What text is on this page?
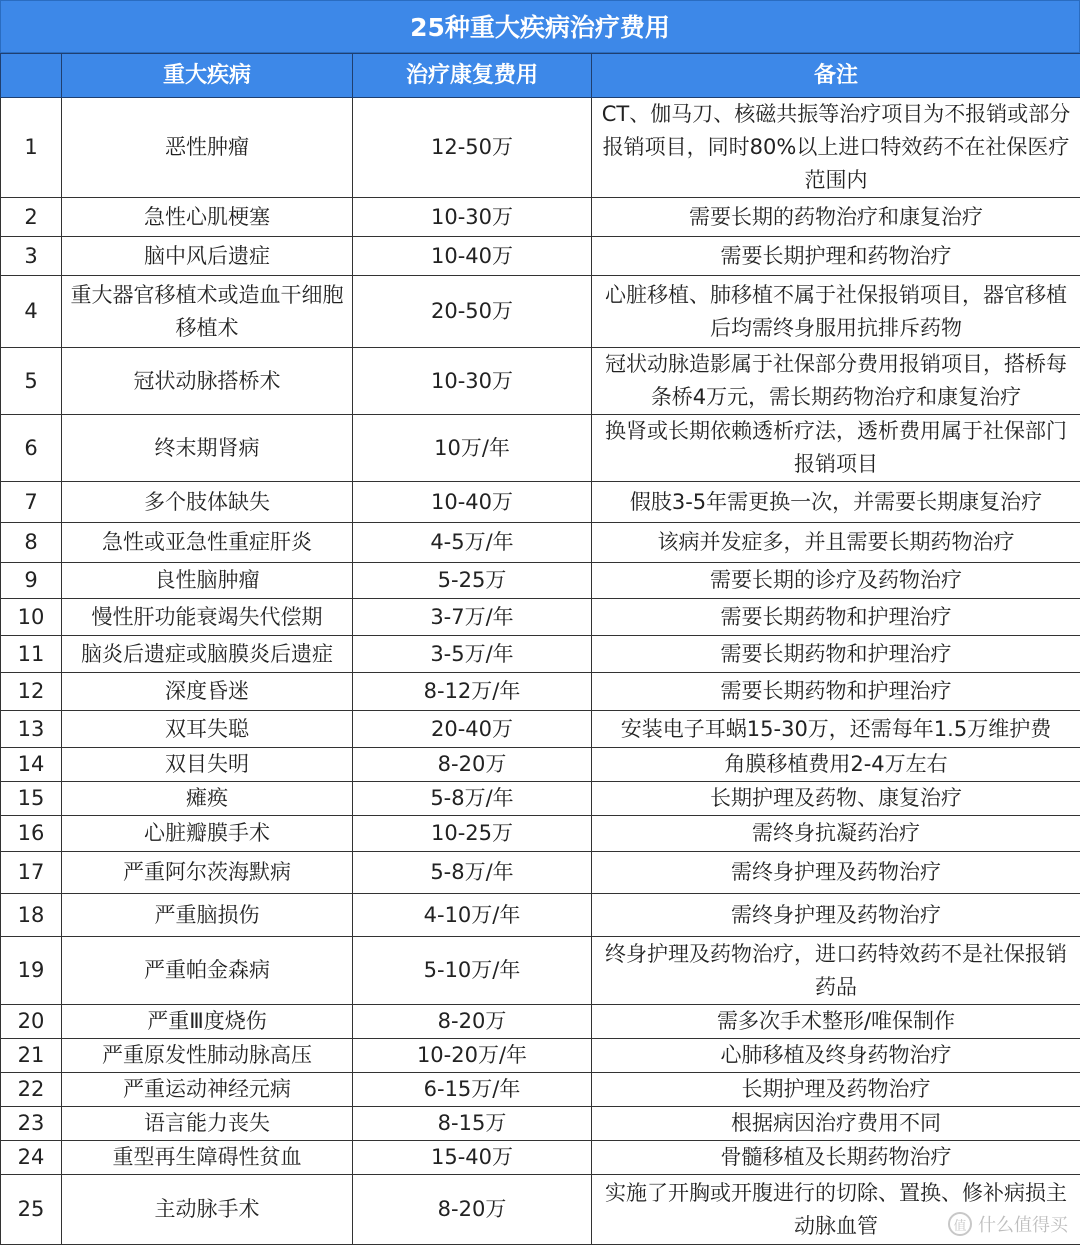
25种重大疾病治疗费用
	重大疾病	治疗康复费用	备注
1	恶性肿瘤	12-50万	CT、伽马刀、核磁共振等治疗项目为不报销或部分报销项目，同时80%以上进口特效药不在社保医疗范围内
2	急性心肌梗塞	10-30万	需要长期的药物治疗和康复治疗
3	脑中风后遗症	10-40万	需要长期护理和药物治疗
4	重大器官移植术或造血干细胞移植术	20-50万	心脏移植、肺移植不属于社保报销项目，器官移植后均需终身服用抗排斥药物
5	冠状动脉搭桥术	10-30万	冠状动脉造影属于社保部分费用报销项目，搭桥每条桥4万元，需长期药物治疗和康复治疗
6	终末期肾病	10万/年	换肾或长期依赖透析疗法，透析费用属于社保部门报销项目
7	多个肢体缺失	10-40万	假肢3-5年需更换一次，并需要长期康复治疗
8	急性或亚急性重症肝炎	4-5万/年	该病并发症多，并且需要长期药物治疗
9	良性脑肿瘤	5-25万	需要长期的诊疗及药物治疗
10	慢性肝功能衰竭失代偿期	3-7万/年	需要长期药物和护理治疗
11	脑炎后遗症或脑膜炎后遗症	3-5万/年	需要长期药物和护理治疗
12	深度昏迷	8-12万/年	需要长期药物和护理治疗
13	双耳失聪	20-40万	安装电子耳蜗15-30万，还需每年1.5万维护费
14	双目失明	8-20万	角膜移植费用2-4万左右
15	瘫痪	5-8万/年	长期护理及药物、康复治疗
16	心脏瓣膜手术	10-25万	需终身抗凝药治疗
17	严重阿尔茨海默病	5-8万/年	需终身护理及药物治疗
18	严重脑损伤	4-10万/年	需终身护理及药物治疗
19	严重帕金森病	5-10万/年	终身护理及药物治疗，进口药特效药不是社保报销药品
20	严重Ⅲ度烧伤	8-20万	需多次手术整形/唯保制作
21	严重原发性肺动脉高压	10-20万/年	心肺移植及终身药物治疗
22	严重运动神经元病	6-15万/年	长期护理及药物治疗
23	语言能力丧失	8-15万	根据病因治疗费用不同
24	重型再生障碍性贫血	15-40万	骨髓移植及长期药物治疗
25	主动脉手术	8-20万	实施了开胸或开腹进行的切除、置换、修补病损主动脉血管	值 什么值得买
